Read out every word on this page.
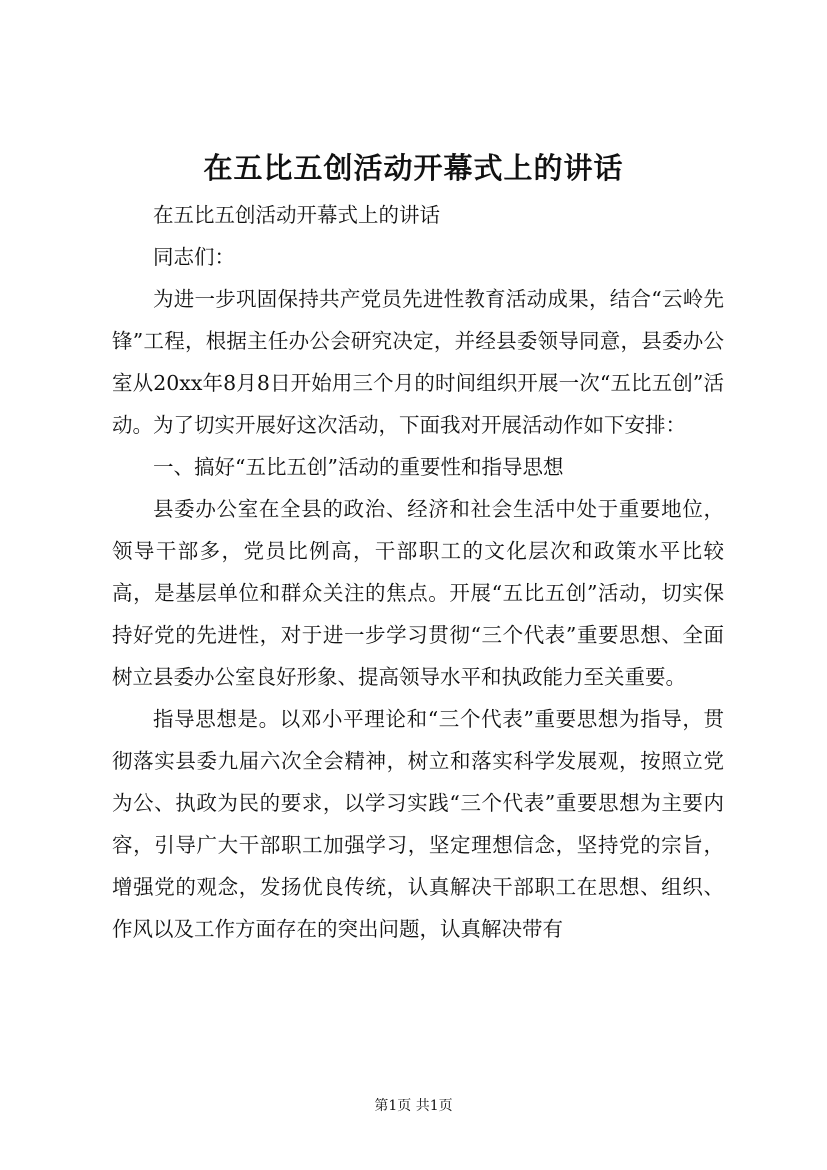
在五比五创活动开幕式上的讲话

在五比五创活动开幕式上的讲话

同志们：

为进一步巩固保持共产党员先进性教育活动成果，结合“云岭先锋”工程，根据主任办公会研究决定，并经县委领导同意，县委办公室从20xx年8月8日开始用三个月的时间组织开展一次“五比五创”活动。为了切实开展好这次活动，下面我对开展活动作如下安排：

一、搞好“五比五创”活动的重要性和指导思想

县委办公室在全县的政治、经济和社会生活中处于重要地位，领导干部多，党员比例高，干部职工的文化层次和政策水平比较高，是基层单位和群众关注的焦点。开展“五比五创”活动，切实保持好党的先进性，对于进一步学习贯彻“三个代表”重要思想、全面树立县委办公室良好形象、提高领导水平和执政能力至关重要。

指导思想是。以邓小平理论和“三个代表”重要思想为指导，贯彻落实县委九届六次全会精神，树立和落实科学发展观，按照立党为公、执政为民的要求，以学习实践“三个代表”重要思想为主要内容，引导广大干部职工加强学习，坚定理想信念，坚持党的宗旨，增强党的观念，发扬优良传统，认真解决干部职工在思想、组织、作风以及工作方面存在的突出问题，认真解决带有

第1页 共1页
